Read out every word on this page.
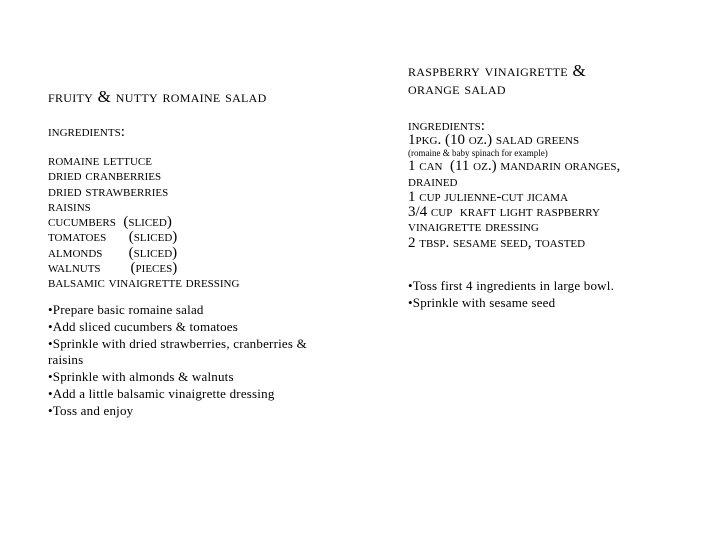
fruity & nutty romaine salad
ingredients:
romaine lettuce
dried cranberries
dried strawberries
raisins
cucumbers  (sliced)
tomatoes      (sliced)
almonds       (sliced)
walnuts        (pieces)
balsamic vinaigrette dressing
•Prepare basic romaine salad
•Add sliced cucumbers & tomatoes
•Sprinkle with dried strawberries, cranberries & raisins
•Sprinkle with almonds & walnuts
•Add a little balsamic vinaigrette dressing
•Toss and enjoy
raspberry vinaigrette &
orange salad
ingredients:
1pkg. (10 oz.) salad greens
(romaine & baby spinach for example)
1 can  (11 oz.) mandarin oranges,
drained
1 cup julienne-cut jicama
3/4 cup  kraft light raspberry
vinaigrette dressing
2 tbsp. sesame seed, toasted
•Toss first 4 ingredients in large bowl.
•Sprinkle with sesame seed
